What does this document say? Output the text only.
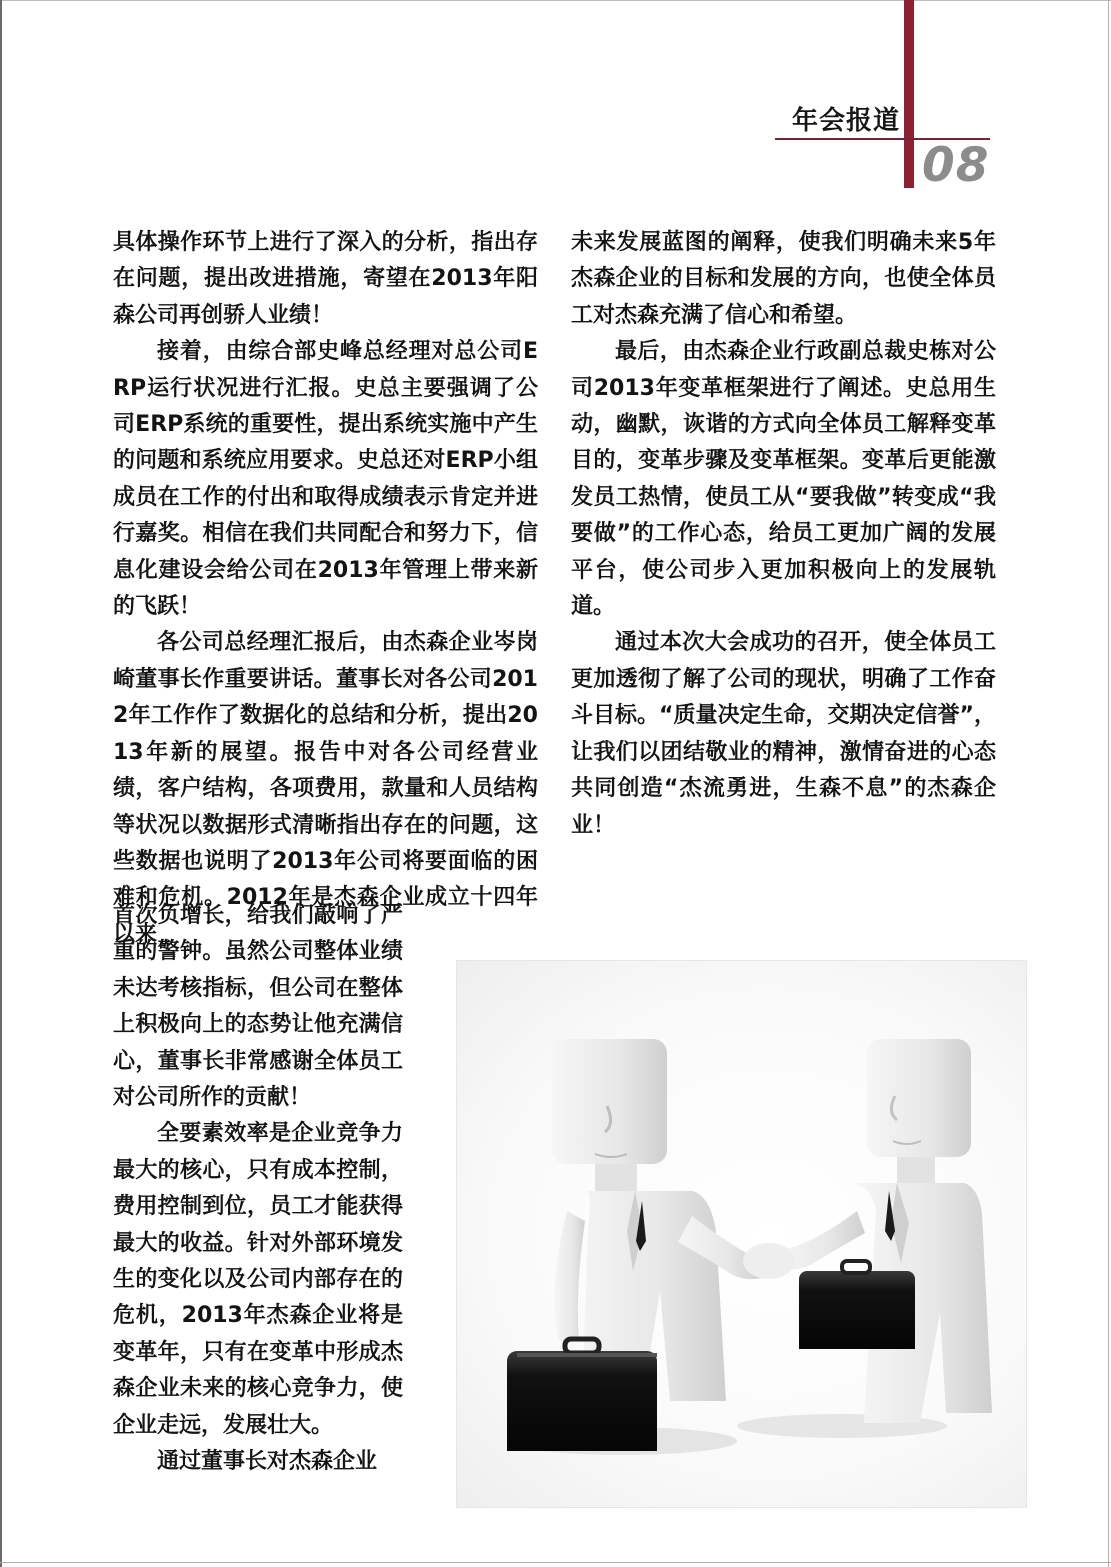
年会报道
08

具体操作环节上进行了深入的分析，指出存在问题，提出改进措施，寄望在2013年阳森公司再创骄人业绩！

接着，由综合部史峰总经理对总公司ERP运行状况进行汇报。史总主要强调了公司ERP系统的重要性，提出系统实施中产生的问题和系统应用要求。史总还对ERP小组成员在工作的付出和取得成绩表示肯定并进行嘉奖。相信在我们共同配合和努力下，信息化建设会给公司在2013年管理上带来新的飞跃！

各公司总经理汇报后，由杰森企业岑岗崎董事长作重要讲话。董事长对各公司2012年工作作了数据化的总结和分析，提出2013年新的展望。报告中对各公司经营业绩，客户结构，各项费用，款量和人员结构等状况以数据形式清晰指出存在的问题，这些数据也说明了2013年公司将要面临的困难和危机。2012年是杰森企业成立十四年以来

首次负增长，给我们敲响了严重的警钟。虽然公司整体业绩未达考核指标，但公司在整体上积极向上的态势让他充满信心，董事长非常感谢全体员工对公司所作的贡献！

全要素效率是企业竞争力最大的核心，只有成本控制，费用控制到位，员工才能获得最大的收益。针对外部环境发生的变化以及公司内部存在的危机，2013年杰森企业将是变革年，只有在变革中形成杰森企业未来的核心竞争力，使企业走远，发展壮大。

通过董事长对杰森企业

未来发展蓝图的阐释，使我们明确未来5年杰森企业的目标和发展的方向，也使全体员工对杰森充满了信心和希望。

最后，由杰森企业行政副总裁史栋对公司2013年变革框架进行了阐述。史总用生动，幽默，诙谐的方式向全体员工解释变革目的，变革步骤及变革框架。变革后更能激发员工热情，使员工从“要我做”转变成“我要做”的工作心态，给员工更加广阔的发展平台，使公司步入更加积极向上的发展轨道。

通过本次大会成功的召开，使全体员工更加透彻了解了公司的现状，明确了工作奋斗目标。“质量决定生命，交期决定信誉”，让我们以团结敬业的精神，激情奋进的心态共同创造“杰流勇进，生森不息”的杰森企业！
